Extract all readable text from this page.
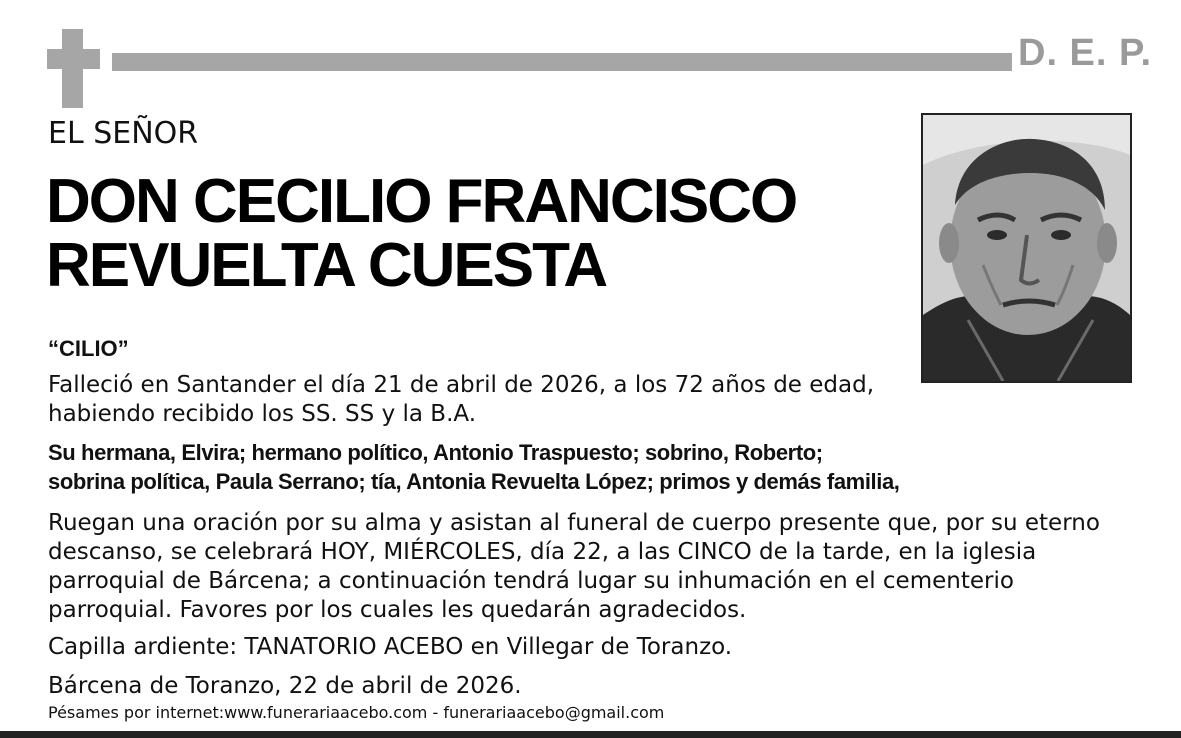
D. E. P.
EL SEÑOR
DON CECILIO FRANCISCO
REVUELTA CUESTA
“CILIO”
Falleció en Santander el día 21 de abril de 2026, a los 72 años de edad,
habiendo recibido los SS. SS y la B.A.
Su hermana, Elvira; hermano político, Antonio Traspuesto; sobrino, Roberto;
sobrina política, Paula Serrano; tía, Antonia Revuelta López; primos y demás familia,
Ruegan una oración por su alma y asistan al funeral de cuerpo presente que, por su eterno
descanso, se celebrará HOY, MIÉRCOLES, día 22, a las CINCO de la tarde, en la iglesia
parroquial de Bárcena; a continuación tendrá lugar su inhumación en el cementerio
parroquial. Favores por los cuales les quedarán agradecidos.
Capilla ardiente: TANATORIO ACEBO en Villegar de Toranzo.
Bárcena de Toranzo, 22 de abril de 2026.
Pésames por internet:www.funerariaacebo.com - funerariaacebo@gmail.com
